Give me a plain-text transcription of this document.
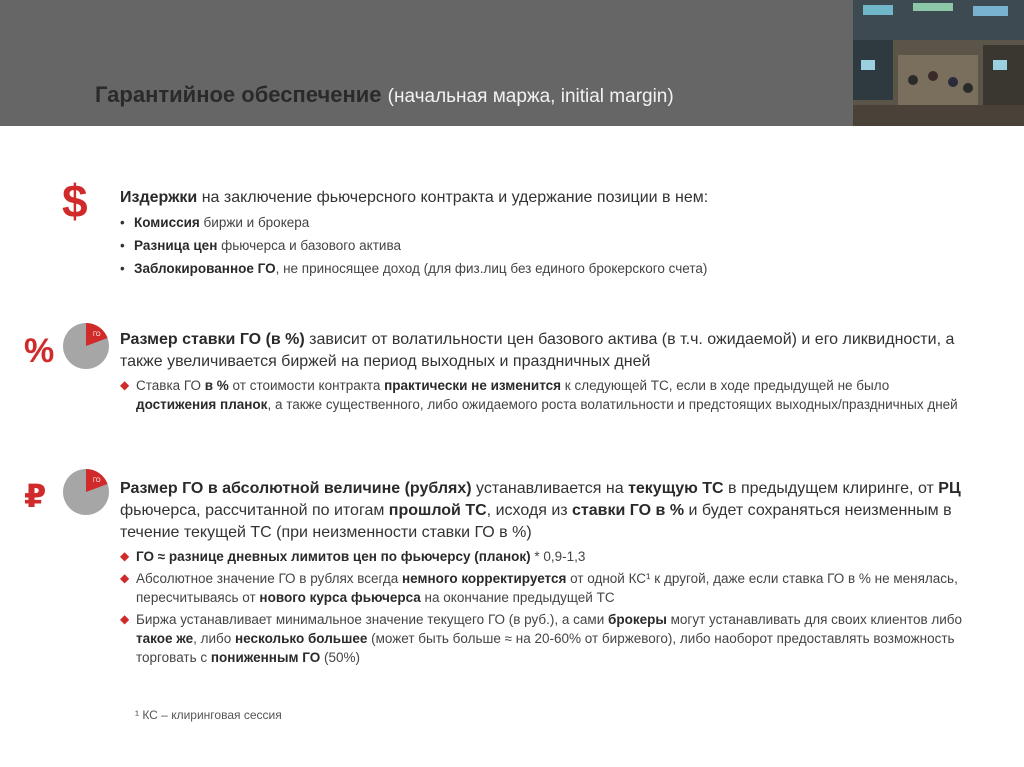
Гарантийное обеспечение (начальная маржа, initial margin)
$ Издержки на заключение фьючерсного контракта и удержание позиции в нем:
• Комиссия биржи и брокера
• Разница цен фьючерса и базового актива
• Заблокированное ГО, не приносящее доход (для физ.лиц без единого брокерского счета)
%	ГО Размер ставки ГО (в %) зависит от волатильности цен базового актива (в т.ч. ожидаемой) и его ликвидности, а также увеличивается биржей на период выходных и праздничных дней
◆ Ставка ГО в % от стоимости контракта практически не изменится к следующей ТС, если в ходе предыдущей не было достижения планок, а также существенного, либо ожидаемого роста волатильности и предстоящих выходных/праздничных дней
₽	ГО Размер ГО в абсолютной величине (рублях) устанавливается на текущую ТС в предыдущем клиринге, от РЦ фьючерса, рассчитанной по итогам прошлой ТС, исходя из ставки ГО в % и будет сохраняться неизменным в течение текущей ТС (при неизменности ставки ГО в %)
◆ ГО ≈ разнице дневных лимитов цен по фьючерсу (планок) * 0,9-1,3
◆ Абсолютное значение ГО в рублях всегда немного корректируется от одной КС¹ к другой, даже если ставка ГО в % не менялась, пересчитываясь от нового курса фьючерса на окончание предыдущей ТС
◆ Биржа устанавливает минимальное значение текущего ГО (в руб.), а сами брокеры могут устанавливать для своих клиентов либо такое же, либо несколько большее (может быть больше ≈ на 20-60% от биржевого), либо наоборот предоставлять возможность торговать с пониженным ГО (50%)
¹ КС – клиринговая сессия
